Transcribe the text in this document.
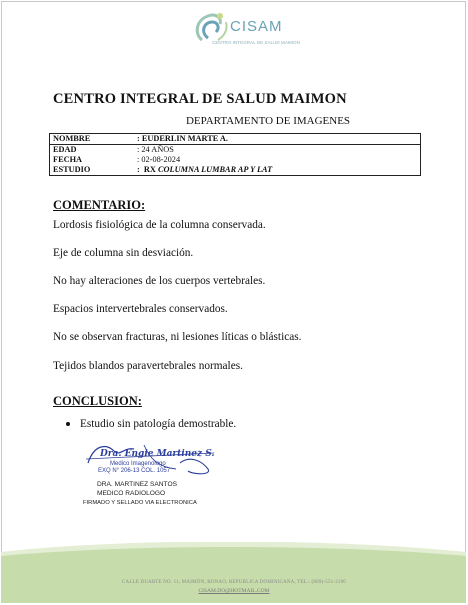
CISAM
CENTRO INTEGRAL DE SALUD MAIMON
CENTRO INTEGRAL DE SALUD MAIMON
DEPARTAMENTO DE IMAGENES
NOMBRE	: EUDERLIN MARTE A.
EDAD	: 24 AÑOS
FECHA	: 02-08-2024
ESTUDIO	:  RX COLUMNA LUMBAR AP Y LAT
COMENTARIO:
Lordosis fisiológica de la columna conservada.
Eje de columna sin desviación.
No hay alteraciones de los cuerpos vertebrales.
Espacios intervertebrales conservados.
No se observan fracturas, ni lesiones líticas o blásticas.
Tejidos blandos paravertebrales normales.
CONCLUSION:
Estudio sin patología demostrable.
Dra. Engie Martinez S.
Medico Imagenologo
EXQ N° 206-13 COL. 1057
DRA. MARTINEZ SANTOS
MEDICO RADIOLOGO
FIRMADO Y SELLADO VIA ELECTRONICA
CALLE DUARTE NO. 11, MAIMÓN, BONAO, REPUBLICA DOMINICANA, TEL.: (809)-551-2196
CISAM.DO@HOTMAIL.COM
